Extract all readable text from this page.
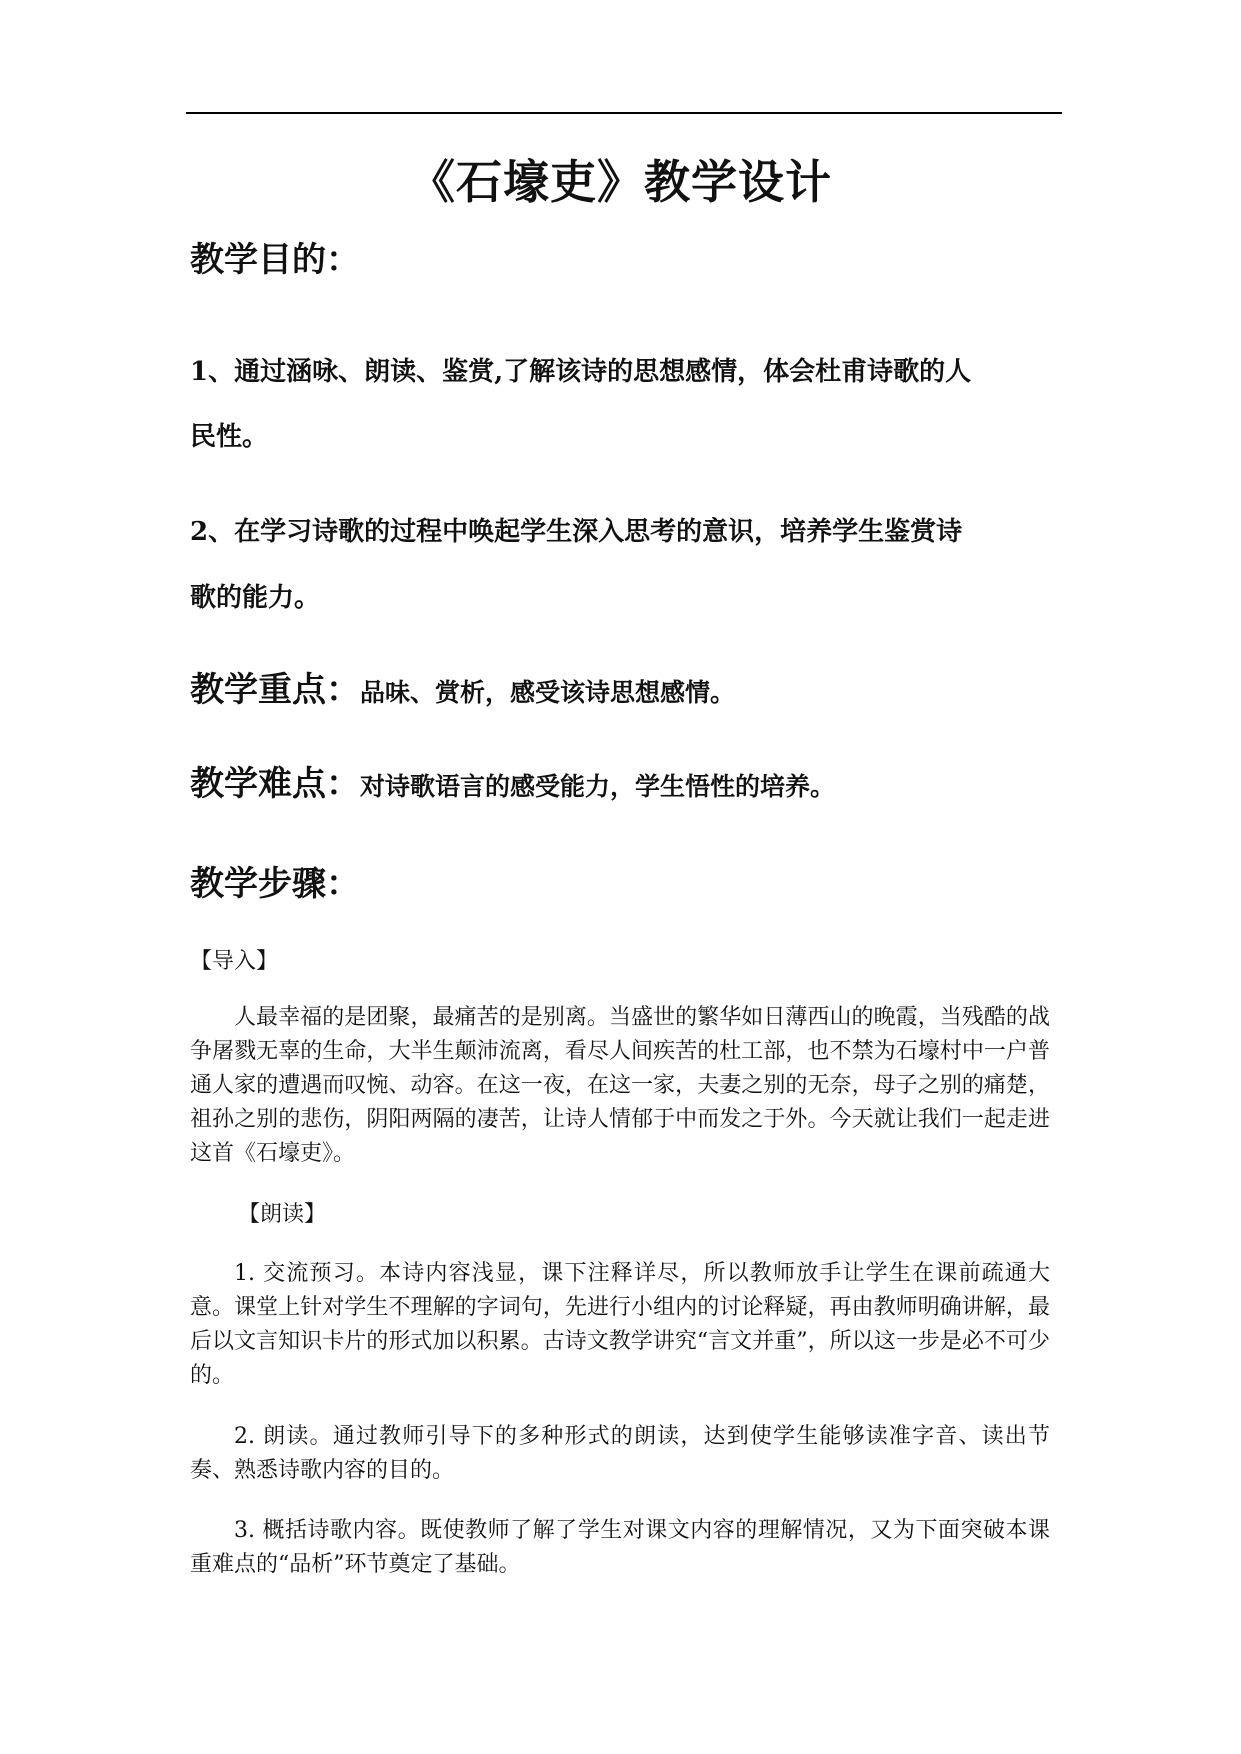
《石壕吏》教学设计
教学目的：
1、通过涵咏、朗读、鉴赏,了解该诗的思想感情，体会杜甫诗歌的人
民性。
2、在学习诗歌的过程中唤起学生深入思考的意识，培养学生鉴赏诗
歌的能力。
教学重点：品味、赏析，感受该诗思想感情。
教学难点：对诗歌语言的感受能力，学生悟性的培养。
教学步骤：
【导入】

人最幸福的是团聚，最痛苦的是别离。当盛世的繁华如日薄西山的晚霞，当残酷的战争屠戮无辜的生命，大半生颠沛流离，看尽人间疾苦的杜工部，也不禁为石壕村中一户普通人家的遭遇而叹惋、动容。在这一夜，在这一家，夫妻之别的无奈，母子之别的痛楚，祖孙之别的悲伤，阴阳两隔的凄苦，让诗人情郁于中而发之于外。今天就让我们一起走进这首《石壕吏》。

【朗读】

1. 交流预习。本诗内容浅显，课下注释详尽，所以教师放手让学生在课前疏通大意。课堂上针对学生不理解的字词句，先进行小组内的讨论释疑，再由教师明确讲解，最后以文言知识卡片的形式加以积累。古诗文教学讲究“言文并重”，所以这一步是必不可少的。

2. 朗读。通过教师引导下的多种形式的朗读，达到使学生能够读准字音、读出节奏、熟悉诗歌内容的目的。

3. 概括诗歌内容。既使教师了解了学生对课文内容的理解情况，又为下面突破本课重难点的“品析”环节奠定了基础。
